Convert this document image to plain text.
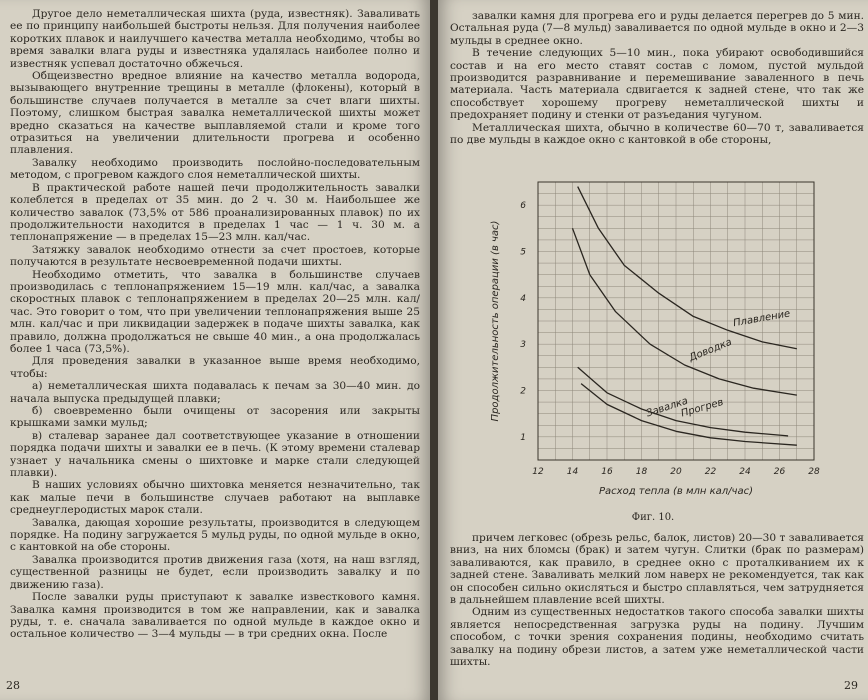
Другое дело неметаллическая шихта (руда, известняк). Заваливать ее по принципу наибольшей быстроты нельзя. Для получения наиболее коротких плавок и наилучшего качества металла необходимо, чтобы во время завалки влага руды и известняка удалялась наиболее полно и известняк успевал достаточно обжечься.

Общеизвестно вредное влияние на качество металла водорода, вызывающего внутренние трещины в металле (флокены), который в большинстве случаев получается в металле за счет влаги шихты. Поэтому, слишком быстрая завалка неметаллической шихты может вредно сказаться на качестве выплавляемой стали и кроме того отразиться на увеличении длительности прогрева и особенно плавления.

Завалку необходимо производить послойно-последовательным методом, с прогревом каждого слоя неметаллической шихты.

В практической работе нашей печи продолжительность завалки колеблется в пределах от 35 мин. до 2 ч. 30 м. Наибольшее же количество завалок (73,5% от 586 проанализированных плавок) по их продолжительности находится в пределах 1 час — 1 ч. 30 м. а теплонапряжение — в пределах 15—23 млн. кал/час.

Затяжку завалок необходимо отнести за счет простоев, которые получаются в результате несвоевременной подачи шихты.

Необходимо отметить, что завалка в большинстве случаев производилась с теплонапряжением 15—19 млн. кал/час, а завалка скоростных плавок с теплонапряжением в пределах 20—25 млн. кал/час. Это говорит о том, что при увеличении теплонапряжения выше 25 млн. кал/час и при ликвидации задержек в подаче шихты завалка, как правило, должна продолжаться не свыше 40 мин., а она продолжалась более 1 часа (73,5%).

Для проведения завалки в указанное выше время необходимо, чтобы:

а) неметаллическая шихта подавалась к печам за 30—40 мин. до начала выпуска предыдущей плавки;

б) своевременно были очищены от засорения или закрыты крышками замки мульд;

в) сталевар заранее дал соответствующее указание в отношении порядка подачи шихты и завалки ее в печь. (К этому времени сталевар узнает у начальника смены о шихтовке и марке стали следующей плавки).

В наших условиях обычно шихтовка меняется незначительно, так как малые печи в большинстве случаев работают на выплавке среднеуглеродистых марок стали.

Завалка, дающая хорошие результаты, производится в следующем порядке. На подину загружается 5 мульд руды, по одной мульде в окно, с кантовкой на обе стороны.

Завалка производится против движения газа (хотя, на наш взгляд, существенной разницы не будет, если производить завалку и по движению газа).

После завалки руды приступают к завалке известкового камня. Завалка камня производится в том же направлении, как и завалка руды, т. е. сначала заваливается по одной мульде в каждое окно и остальное количество — 3—4 мульды — в три средних окна. После

28

завалки камня для прогрева его и руды делается перегрев до 5 мин. Остальная руда (7—8 мульд) заваливается по одной мульде в окно и 2—3 мульды в среднее окно.

В течение следующих 5—10 мин., пока убирают освободившийся состав и на его место ставят состав с ломом, пустой мульдой производится разравнивание и перемешивание заваленного в печь материала. Часть материала сдвигается к задней стене, что так же способствует хорошему прогреву неметаллической шихты и предохраняет подину и стенки от разъедания чугуном.

Металлическая шихта, обычно в количестве 60—70 т, заваливается по две мульды в каждое окно с кантовкой в обе стороны,

12	14	16	18	20	22	24	26	28
1
2
3
4
5
6
Расход тепла (в млн кал/час)
Продолжительность операции (в час)	Плавление
Доводка
Прогрев
Завалка
Фиг. 10.

причем легковес (обрезь рельс, балок, листов) 20—30 т заваливается вниз, на них бломсы (брак) и затем чугун. Слитки (брак по размерам) заваливаются, как правило, в среднее окно с проталкиванием их к задней стене. Заваливать мелкий лом наверх не рекомендуется, так как он способен сильно окисляться и быстро сплавляться, чем затрудняется в дальнейшем плавление всей шихты.

Одним из существенных недостатков такого способа завалки шихты является непосредственная загрузка руды на подину. Лучшим способом, с точки зрения сохранения подины, необходимо считать завалку на подину обрези листов, а затем уже неметаллической части шихты.

29
